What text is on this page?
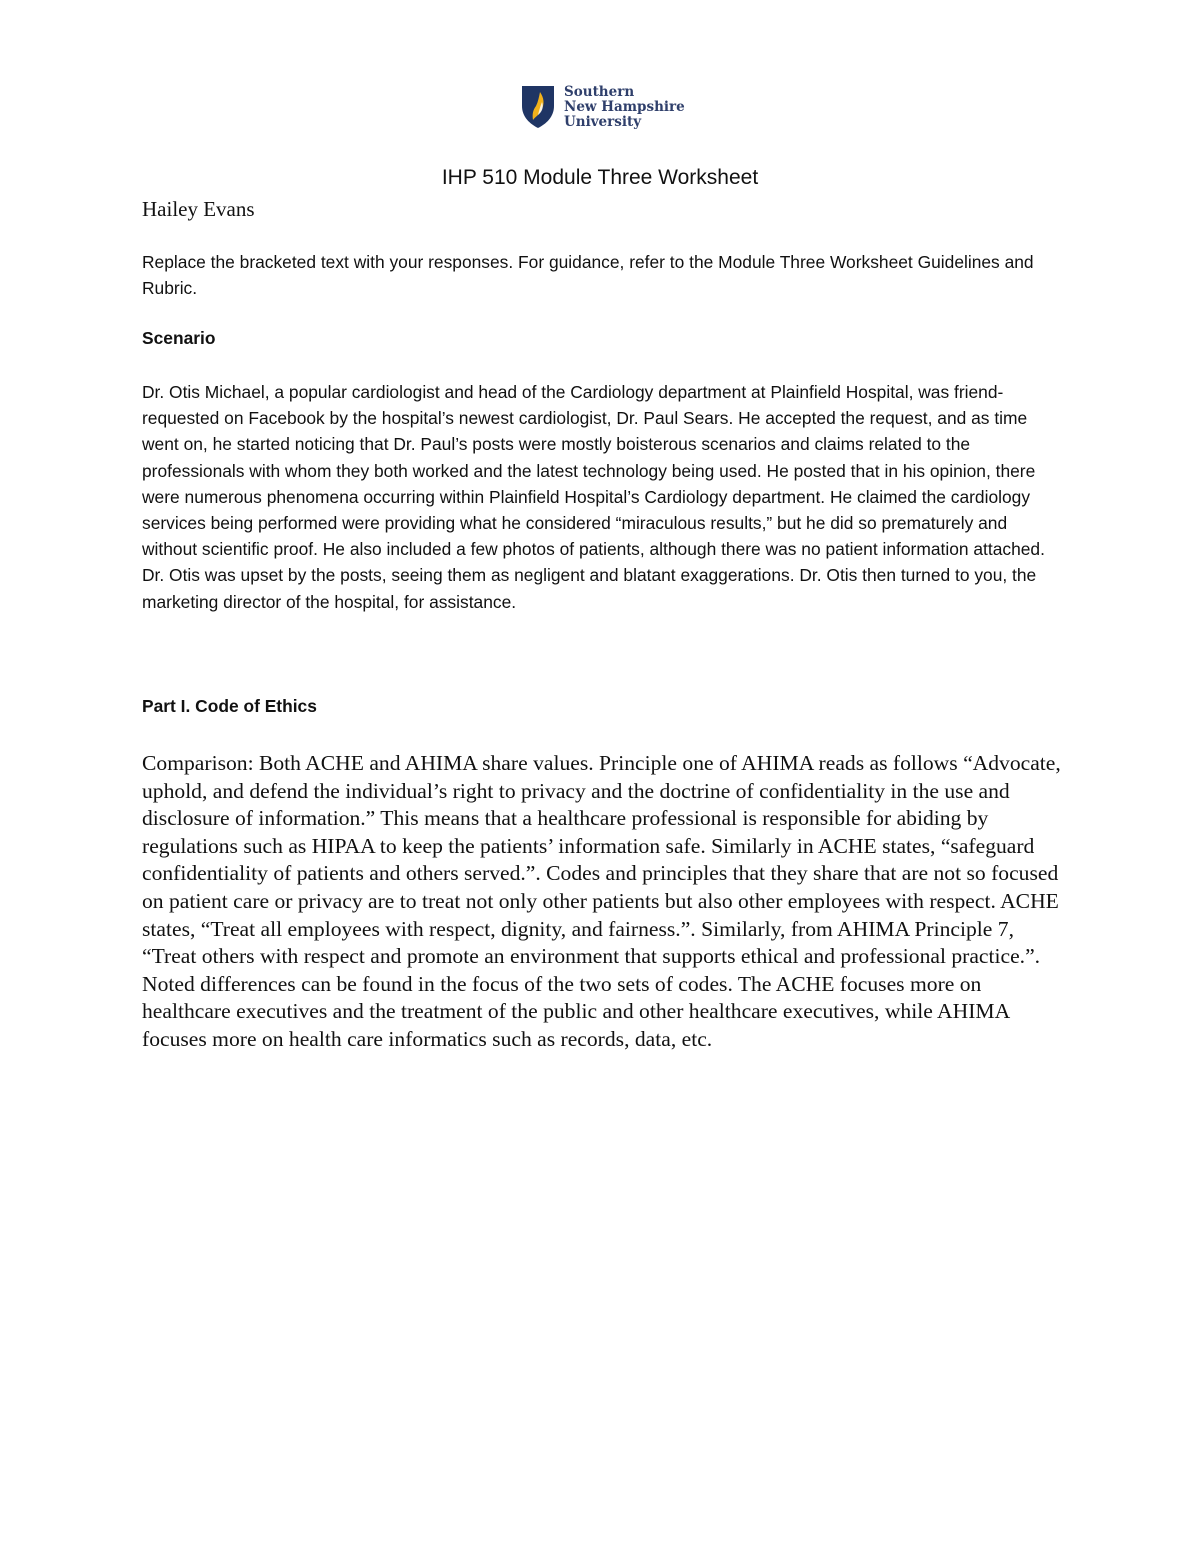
Southern
New Hampshire
University
IHP 510 Module Three Worksheet
Hailey Evans

Replace the bracketed text with your responses. For guidance, refer to the Module Three Worksheet Guidelines and Rubric.

Scenario

Dr. Otis Michael, a popular cardiologist and head of the Cardiology department at Plainfield Hospital, was friend-requested on Facebook by the hospital’s newest cardiologist, Dr. Paul Sears. He accepted the request, and as time went on, he started noticing that Dr. Paul’s posts were mostly boisterous scenarios and claims related to the professionals with whom they both worked and the latest technology being used. He posted that in his opinion, there were numerous phenomena occurring within Plainfield Hospital’s Cardiology department. He claimed the cardiology services being performed were providing what he considered “miraculous results,” but he did so prematurely and without scientific proof. He also included a few photos of patients, although there was no patient information attached. Dr. Otis was upset by the posts, seeing them as negligent and blatant exaggerations. Dr. Otis then turned to you, the marketing director of the hospital, for assistance.

Part I. Code of Ethics

Comparison: Both ACHE and AHIMA share values. Principle one of AHIMA reads as follows “Advocate, uphold, and defend the individual’s right to privacy and the doctrine of confidentiality in the use and disclosure of information.” This means that a healthcare professional is responsible for abiding by regulations such as HIPAA to keep the patients’ information safe. Similarly in ACHE states, “safeguard confidentiality of patients and others served.”. Codes and principles that they share that are not so focused on patient care or privacy are to treat not only other patients but also other employees with respect. ACHE states, “Treat all employees with respect, dignity, and fairness.”. Similarly, from AHIMA Principle 7, “Treat others with respect and promote an environment that supports ethical and professional practice.”. Noted differences can be found in the focus of the two sets of codes. The ACHE focuses more on healthcare executives and the treatment of the public and other healthcare executives, while AHIMA focuses more on health care informatics such as records, data, etc.
